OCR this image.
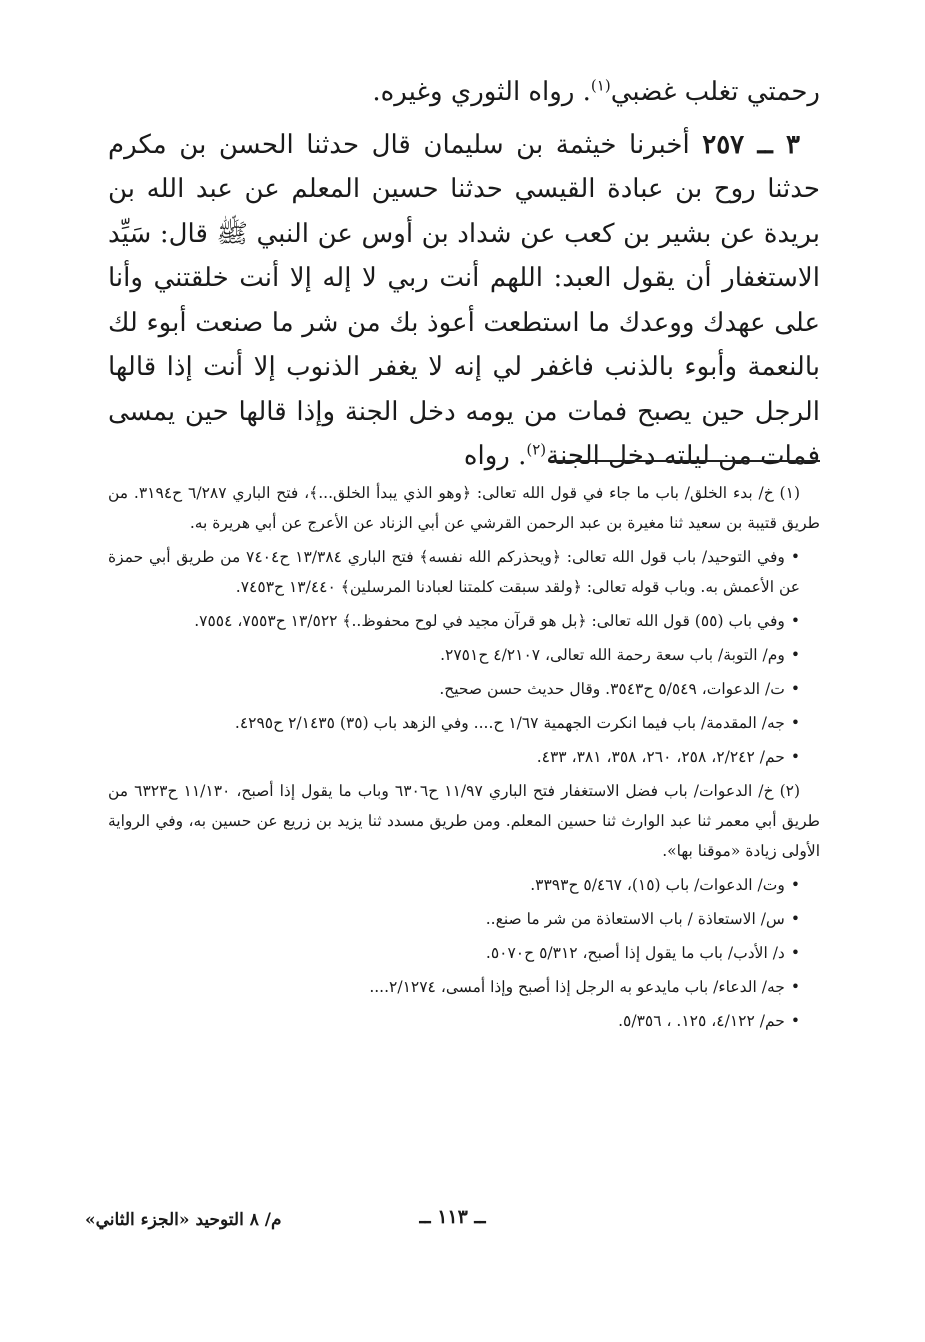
رحمتي تغلب غضبي$^{(١)}$. رواه الثوري وغيره.

٣ ــ ٢٥٧ أخبرنا خيثمة بن سليمان قال حدثنا الحسن بن مكرم حدثنا روح بن عبادة القيسي حدثنا حسين المعلم عن عبد الله بن بريدة عن بشير بن كعب عن شداد بن أوس عن النبي ﷺ قال: سَيِّد الاستغفار أن يقول العبد: اللهم أنت ربي لا إله إلا أنت خلقتني وأنا على عهدك ووعدك ما استطعت أعوذ بك من شر ما صنعت أبوء لك بالنعمة وأبوء بالذنب فاغفر لي إنه لا يغفر الذنوب إلا أنت إذا قالها الرجل حين يصبح فمات من يومه دخل الجنة وإذا قالها حين يمسى فمات من ليلته دخل الجنة$^{(٢)}$. رواه

(١) خ/ بدء الخلق/ باب ما جاء في قول الله تعالى: ﴿وهو الذي يبدأ الخلق...﴾، فتح الباري ٦/٢٨٧ ح٣١٩٤. من طريق قتيبة بن سعيد ثنا مغيرة بن عبد الرحمن القرشي عن أبي الزناد عن الأعرج عن أبي هريرة به.

•وفي التوحيد/ باب قول الله تعالى: ﴿ويحذركم الله نفسه﴾ فتح الباري ١٣/٣٨٤ ح٧٤٠٤ من طريق أبي حمزة عن الأعمش به. وباب قوله تعالى: ﴿ولقد سبقت كلمتنا لعبادنا المرسلين﴾ ١٣/٤٤٠ ح٧٤٥٣.

•وفي باب (٥٥) قول الله تعالى: ﴿بل هو قرآن مجيد في لوح محفوظ..﴾ ١٣/٥٢٢ ح٧٥٥٣، ٧٥٥٤.

•وم/ التوبة/ باب سعة رحمة الله تعالى، ٤/٢١٠٧ ح٢٧٥١.

•ت/ الدعوات، ٥/٥٤٩ ح٣٥٤٣. وقال حديث حسن صحيح.

•جه/ المقدمة/ باب فيما انكرت الجهمية ١/٦٧ ح.... وفي الزهد باب (٣٥) ٢/١٤٣٥ ح٤٢٩٥.

•حم/ ٢/٢٤٢، ٢٥٨، ٢٦٠، ٣٥٨، ٣٨١، ٤٣٣.

(٢) خ/ الدعوات/ باب فضل الاستغفار فتح الباري ١١/٩٧ ح٦٣٠٦ وباب ما يقول إذا أصبح، ١١/١٣٠ ح٦٣٢٣ من طريق أبي معمر ثنا عبد الوارث ثنا حسين المعلم. ومن طريق مسدد ثنا يزيد بن زريع عن حسين به، وفي الرواية الأولى زيادة «موقنا بها».

•وت/ الدعوات/ باب (١٥)، ٥/٤٦٧ ح٣٣٩٣.

•س/ الاستعاذة / باب الاستعاذة من شر ما صنع..

•د/ الأدب/ باب ما يقول إذا أصبح، ٥/٣١٢ ح٥٠٧٠.

•جه/ الدعاء/ باب مايدعو به الرجل إذا أصبح وإذا أمسى، ٢/١٢٧٤....

•حم/ ٤/١٢٢، ١٢٥. ، ٥/٣٥٦.

ــ ١١٣ ــ
م/ ٨ التوحيد «الجزء الثاني»
